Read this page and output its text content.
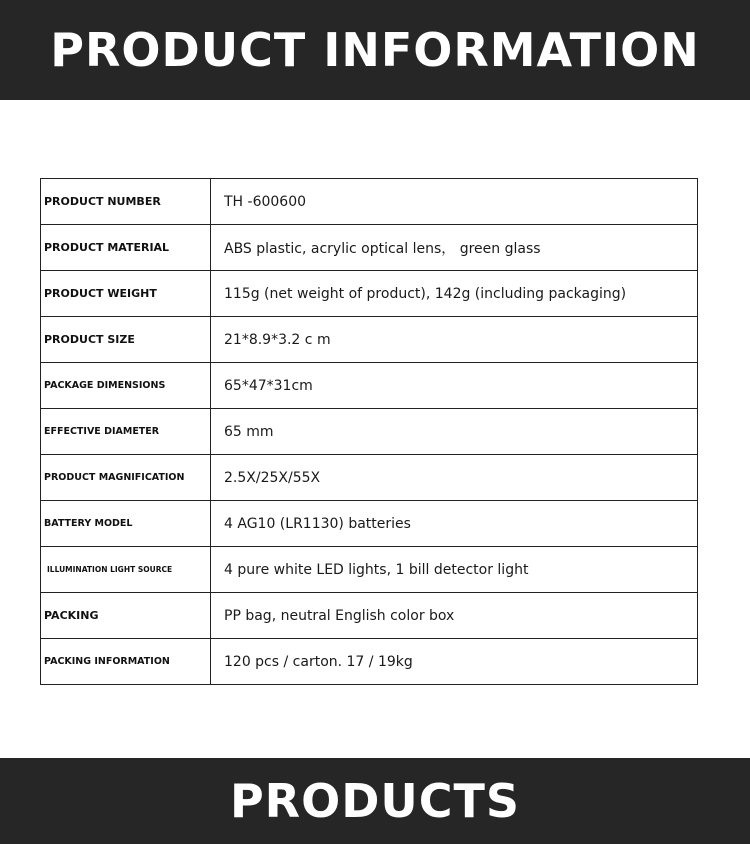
PRODUCT INFORMATION
PRODUCT NUMBER	TH -600600
PRODUCT MATERIAL	ABS plastic, acrylic optical lens， green glass
PRODUCT WEIGHT	115g (net weight of product), 142g (including packaging)
PRODUCT SIZE	21*8.9*3.2 c m
PACKAGE DIMENSIONS	65*47*31cm
EFFECTIVE DIAMETER	65 mm
PRODUCT MAGNIFICATION	2.5X/25X/55X
BATTERY MODEL	4 AG10 (LR1130) batteries
ILLUMINATION LIGHT SOURCE	4 pure white LED lights, 1 bill detector light
PACKING	PP bag, neutral English color box
PACKING INFORMATION	120 pcs / carton. 17 / 19kg
PRODUCTS
